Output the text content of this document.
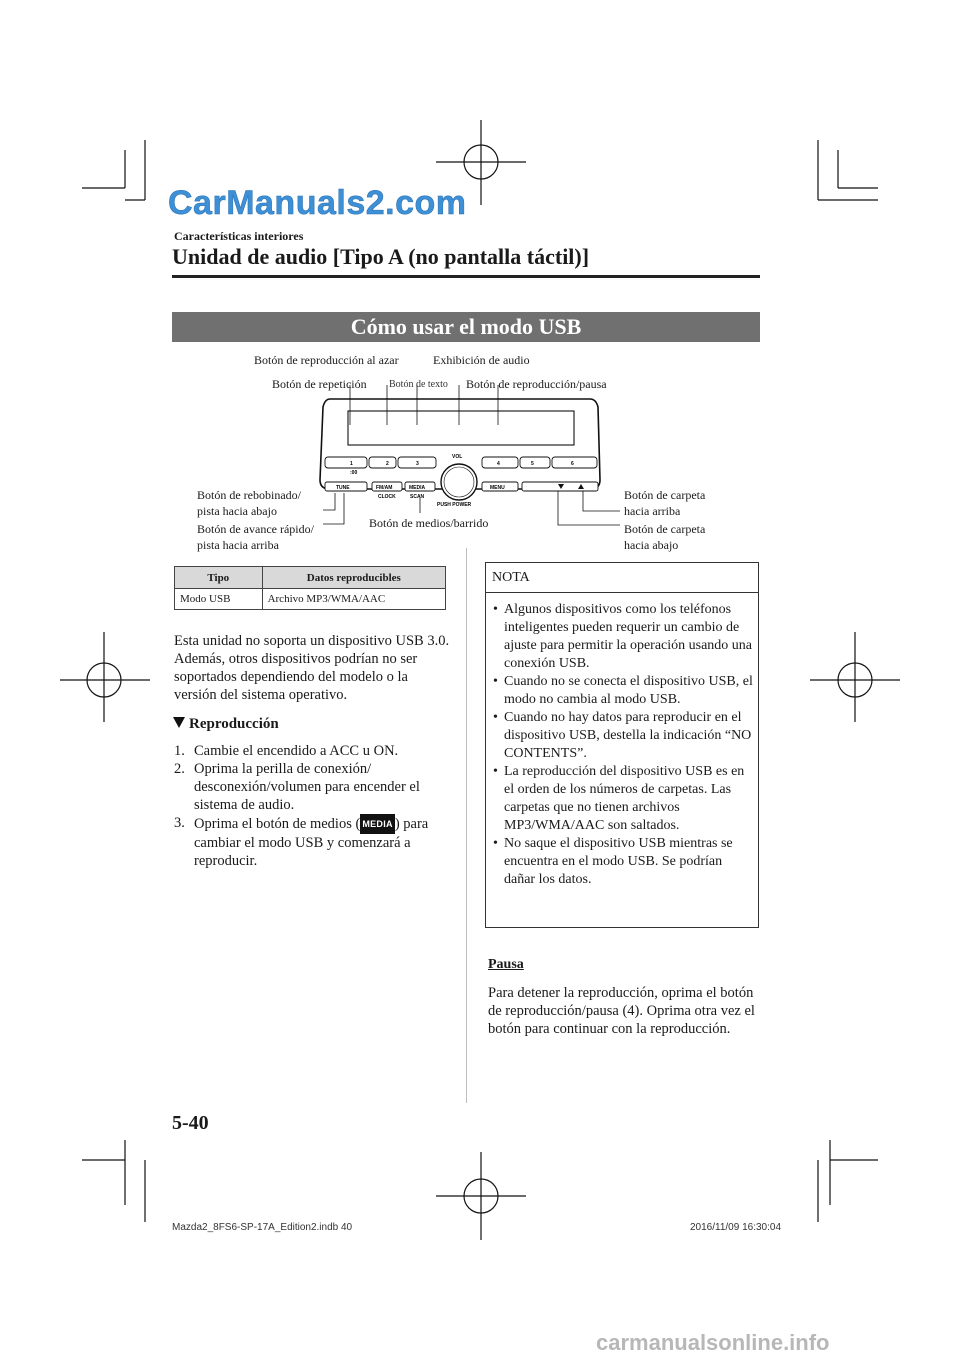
CarManuals2.com
Características interiores
Unidad de audio [Tipo A (no pantalla táctil)]
Cómo usar el modo USB
Botón de reproducción al azar	Exhibición de audio
Botón de repetición Botón de texto Botón de reproducción/pausa
Botón de rebobinado/
pista hacia abajo
Botón de avance rápido/
pista hacia arriba
Botón de medios/barrido
Botón de carpeta
hacia arriba
Botón de carpeta
hacia abajo
1	2	3
:00
4	5	6
TUNE	FM/AM	MEDIA
CLOCK	SCAN
VOL
PUSH POWER
MENU
Tipo	Datos reproducibles
Modo USB	Archivo MP3/WMA/AAC
Esta unidad no soporta un dispositivo USB 3.0. Además, otros dispositivos podrían no ser soportados dependiendo del modelo o la versión del sistema operativo.
Reproducción
1. Cambie el encendido a ACC u ON.
2. Oprima la perilla de conexión/ desconexión/volumen para encender el sistema de audio.
3. Oprima el botón de medios ( MEDIA ) para cambiar el modo USB y comenzará a reproducir.
NOTA
• Algunos dispositivos como los teléfonos inteligentes pueden requerir un cambio de ajuste para permitir la operación usando una conexión USB.
• Cuando no se conecta el dispositivo USB, el modo no cambia al modo USB.
• Cuando no hay datos para reproducir en el dispositivo USB, destella la indicación “NO CONTENTS”.
• La reproducción del dispositivo USB es en el orden de los números de carpetas. Las carpetas que no tienen archivos MP3/WMA/AAC son saltados.
• No saque el dispositivo USB mientras se encuentra en el modo USB. Se podrían dañar los datos.
Pausa
Para detener la reproducción, oprima el botón de reproducción/pausa (4). Oprima otra vez el botón para continuar con la reproducción.
5-40
Mazda2_8FS6-SP-17A_Edition2.indb 40	2016/11/09 16:30:04
carmanualsonline.info
